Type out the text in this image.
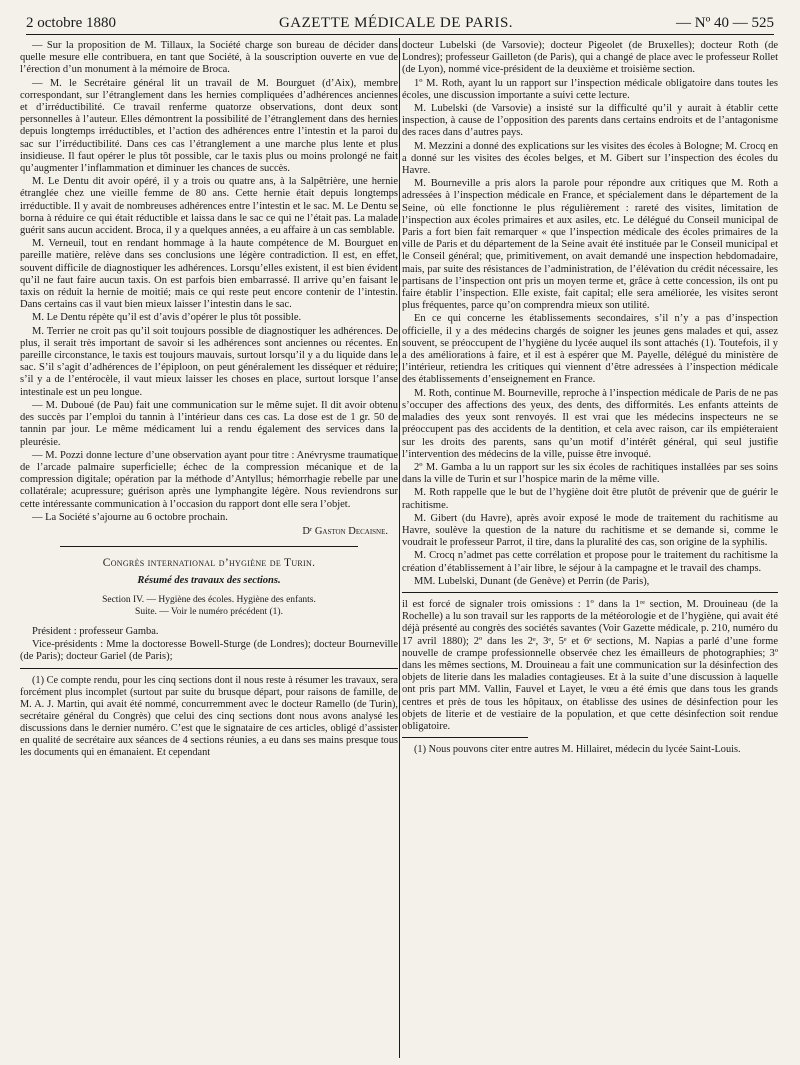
2 octobre 1880	GAZETTE MÉDICALE DE PARIS.	— Nº 40 — 525

— Sur la proposition de M. Tillaux, la Société charge son bureau de décider dans quelle mesure elle contribuera, en tant que Société, à la souscription ouverte en vue de l’érection d’un monument à la mémoire de Broca.

— M. le Secrétaire général lit un travail de M. Bourguet (d’Aix), membre correspondant, sur l’étranglement dans les hernies compliquées d’adhérences anciennes et d’irréductibilité. Ce travail renferme quatorze observations, dont deux sont personnelles à l’auteur. Elles démontrent la possibilité de l’étranglement dans des hernies depuis longtemps irréductibles, et l’action des adhérences entre l’intestin et la paroi du sac sur l’irréductibilité. Dans ces cas l’étranglement a une marche plus lente et plus insidieuse. Il faut opérer le plus tôt possible, car le taxis plus ou moins prolongé ne fait qu’augmenter l’inflammation et diminuer les chances de succès.

M. Le Dentu dit avoir opéré, il y a trois ou quatre ans, à la Salpêtrière, une hernie étranglée chez une vieille femme de 80 ans. Cette hernie était depuis longtemps irréductible. Il y avait de nombreuses adhérences entre l’intestin et le sac. M. Le Dentu se borna à réduire ce qui était réductible et laissa dans le sac ce qui ne l’était pas. La malade guérit sans aucun accident. Broca, il y a quelques années, a eu affaire à un cas semblable.

M. Verneuil, tout en rendant hommage à la haute compétence de M. Bourguet en pareille matière, relève dans ses conclusions une légère contradiction. Il est, en effet, souvent difficile de diagnostiquer les adhérences. Lorsqu’elles existent, il est bien évident qu’il ne faut faire aucun taxis. On est parfois bien embarrassé. Il arrive qu’en faisant le taxis on réduit la hernie de moitié; mais ce qui reste peut encore contenir de l’intestin. Dans certains cas il vaut bien mieux laisser l’intestin dans le sac.

M. Le Dentu répète qu’il est d’avis d’opérer le plus tôt possible.

M. Terrier ne croit pas qu’il soit toujours possible de diagnostiquer les adhérences. De plus, il serait très important de savoir si les adhérences sont anciennes ou récentes. En pareille circonstance, le taxis est toujours mauvais, surtout lorsqu’il y a du liquide dans le sac. S’il s’agit d’adhérences de l’épiploon, on peut généralement les disséquer et réduire; s’il y a de l’entérocèle, il vaut mieux laisser les choses en place, surtout lorsque l’anse intestinale est un peu longue.

— M. Duboué (de Pau) fait une communication sur le même sujet. Il dit avoir obtenu des succès par l’emploi du tannin à l’intérieur dans ces cas. La dose est de 1 gr. 50 de tannin par jour. Le même médicament lui a rendu également des services dans la pleurésie.

— M. Pozzi donne lecture d’une observation ayant pour titre : Anévrysme traumatique de l’arcade palmaire superficielle; échec de la compression mécanique et de la compression digitale; opération par la méthode d’Antyllus; hémorrhagie rebelle par une collatérale; acupressure; guérison après une lymphangite légère. Nous reviendrons sur cette intéressante communication à l’occasion du rapport dont elle sera l’objet.

— La Société s’ajourne au 6 octobre prochain.

Dʳ Gaston Decaisne.

Congrès international d’hygiène de Turin.

Résumé des travaux des sections.

Section IV. — Hygiène des écoles. Hygiène des enfants.

Suite. — Voir le numéro précédent (1).

Président : professeur Gamba.

Vice-présidents : Mme la doctoresse Bowell-Sturge (de Londres); docteur Bourneville (de Paris); docteur Gariel (de Paris);

(1) Ce compte rendu, pour les cinq sections dont il nous reste à résumer les travaux, sera forcément plus incomplet (surtout par suite du brusque départ, pour raisons de famille, de M. A. J. Martin, qui avait été nommé, concurremment avec le docteur Ramello (de Turin), secrétaire général du Congrès) que celui des cinq sections dont nous avons analysé les discussions dans le dernier numéro. C’est que le signataire de ces articles, obligé d’assister en qualité de secrétaire aux séances de 4 sections réunies, a eu dans ses mains presque tous les documents qui en émanaient. Et cependant

docteur Lubelski (de Varsovie); docteur Pigeolet (de Bruxelles); docteur Roth (de Londres); professeur Gailleton (de Paris), qui a changé de place avec le professeur Rollet (de Lyon), nommé vice-président de la deuxième et troisième section.

1º M. Roth, ayant lu un rapport sur l’inspection médicale obligatoire dans toutes les écoles, une discussion importante a suivi cette lecture.

M. Lubelski (de Varsovie) a insisté sur la difficulté qu’il y aurait à établir cette inspection, à cause de l’opposition des parents dans certains endroits et de l’antagonisme des races dans d’autres pays.

M. Mezzini a donné des explications sur les visites des écoles à Bologne; M. Crocq en a donné sur les visites des écoles belges, et M. Gibert sur l’inspection des écoles du Havre.

M. Bourneville a pris alors la parole pour répondre aux critiques que M. Roth a adressées à l’inspection médicale en France, et spécialement dans le département de la Seine, où elle fonctionne le plus régulièrement : rareté des visites, limitation de l’inspection aux écoles primaires et aux asiles, etc. Le délégué du Conseil municipal de Paris a fort bien fait remarquer « que l’inspection médicale des écoles primaires de la ville de Paris et du département de la Seine avait été instituée par le Conseil municipal et le Conseil général; que, primitivement, on avait demandé une inspection hebdomadaire, mais, par suite des résistances de l’administration, de l’élévation du crédit nécessaire, les partisans de l’inspection ont pris un moyen terme et, grâce à cette concession, ils ont pu faire établir l’inspection. Elle existe, fait capital; elle sera améliorée, les visites seront plus fréquentes, parce qu’on comprendra mieux son utilité.

En ce qui concerne les établissements secondaires, s’il n’y a pas d’inspection officielle, il y a des médecins chargés de soigner les jeunes gens malades et qui, assez souvent, se préoccupent de l’hygiène du lycée auquel ils sont attachés (1). Toutefois, il y a des améliorations à faire, et il est à espérer que M. Payelle, délégué du ministère de l’intérieur, retiendra les critiques qui viennent d’être adressées à l’inspection médicale des établissements d’enseignement en France.

M. Roth, continue M. Bourneville, reproche à l’inspection médicale de Paris de ne pas s’occuper des affections des yeux, des dents, des difformités. Les enfants atteints de maladies des yeux sont renvoyés. Il est vrai que les médecins inspecteurs ne se préoccupent pas des accidents de la dentition, et cela avec raison, car ils empiéteraient sur les droits des parents, sans qu’un motif d’intérêt général, qui seul justifie l’intervention des médecins de la ville, puisse être invoqué.

2º M. Gamba a lu un rapport sur les six écoles de rachitiques installées par ses soins dans la ville de Turin et sur l’hospice marin de la même ville.

M. Roth rappelle que le but de l’hygiène doit être plutôt de prévenir que de guérir le rachitisme.

M. Gibert (du Havre), après avoir exposé le mode de traitement du rachitisme au Havre, soulève la question de la nature du rachitisme et se demande si, comme le voudrait le professeur Parrot, il tire, dans la pluralité des cas, son origine de la syphilis.

M. Crocq n’admet pas cette corrélation et propose pour le traitement du rachitisme la création d’établissement à l’air libre, le séjour à la campagne et le travail des champs.

MM. Lubelski, Dunant (de Genève) et Perrin (de Paris),

il est forcé de signaler trois omissions : 1º dans la 1ʳᵉ section, M. Drouineau (de la Rochelle) a lu son travail sur les rapports de la météorologie et de l’hygiène, qui avait été déjà présenté au congrès des sociétés savantes (Voir Gazette médicale, p. 210, numéro du 17 avril 1880); 2º dans les 2ᵉ, 3ᵉ, 5ᵉ et 6ᵉ sections, M. Napias a parlé d’une forme nouvelle de crampe professionnelle observée chez les émailleurs de photographies; 3º dans les mêmes sections, M. Drouineau a fait une communication sur la désinfection des objets de literie dans les maladies contagieuses. Et à la suite d’une discussion à laquelle ont pris part MM. Vallin, Fauvel et Layet, le vœu a été émis que dans tous les grands centres et près de tous les hôpitaux, on établisse des usines de désinfection pour les objets de literie et de vestiaire de la population, et que cette désinfection soit rendue obligatoire.

(1) Nous pouvons citer entre autres M. Hillairet, médecin du lycée Saint-Louis.
